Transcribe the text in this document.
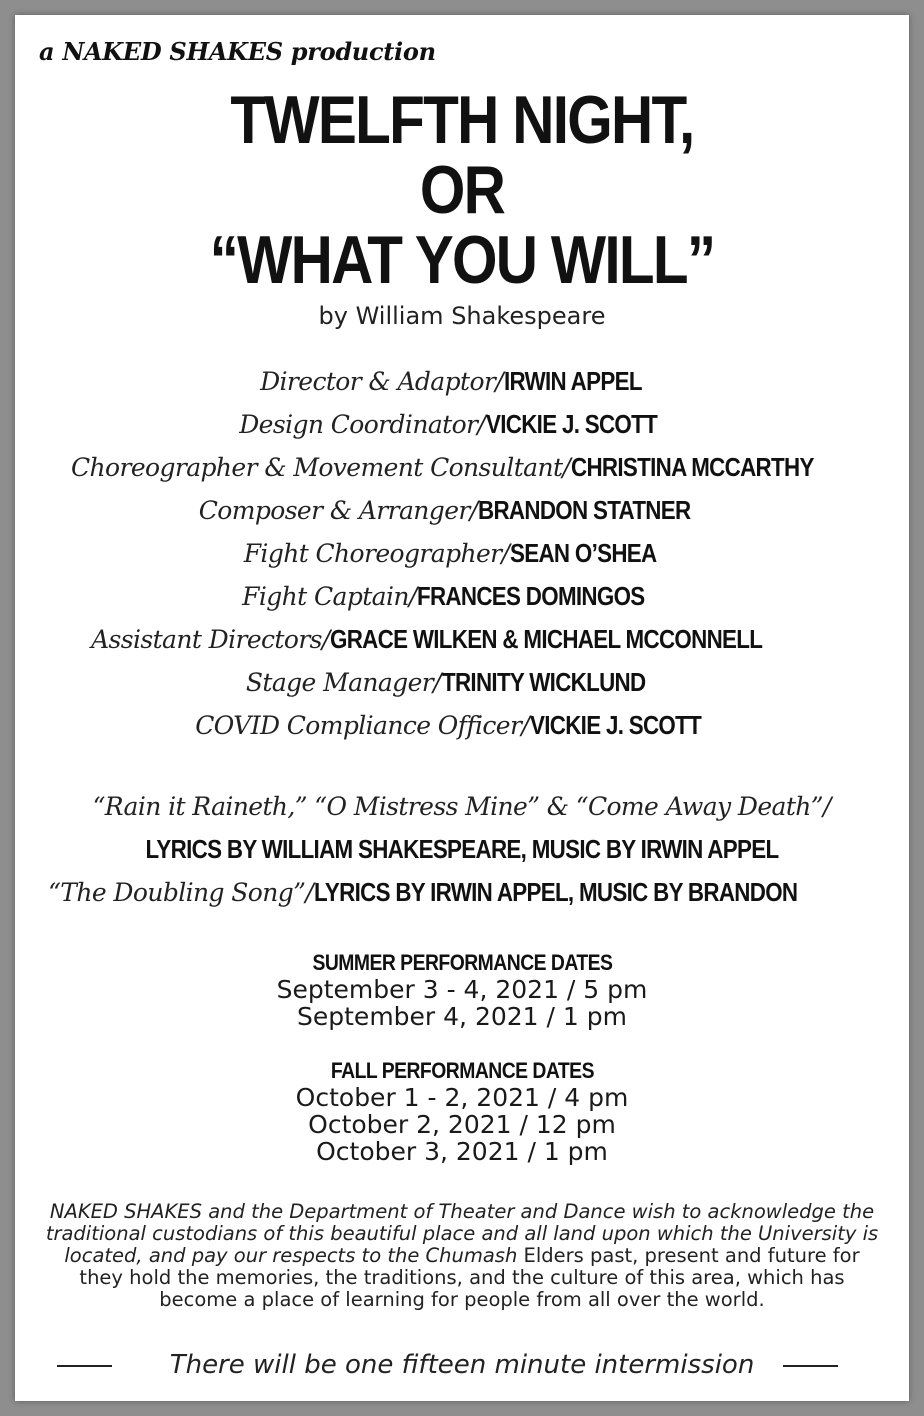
a NAKED SHAKES production
TWELFTH NIGHT,
OR
“WHAT YOU WILL”
by William Shakespeare
Director & Adaptor/IRWIN APPEL
Design Coordinator/VICKIE J. SCOTT
Choreographer & Movement Consultant/CHRISTINA MCCARTHY
Composer & Arranger/BRANDON STATNER
Fight Choreographer/SEAN O’SHEA
Fight Captain/FRANCES DOMINGOS
Assistant Directors/GRACE WILKEN & MICHAEL MCCONNELL
Stage Manager/TRINITY WICKLUND
COVID Compliance Officer/VICKIE J. SCOTT
“Rain it Raineth,” “O Mistress Mine” & “Come Away Death”/
LYRICS BY WILLIAM SHAKESPEARE, MUSIC BY IRWIN APPEL
“The Doubling Song”/LYRICS BY IRWIN APPEL, MUSIC BY BRANDON
SUMMER PERFORMANCE DATES
September 3 - 4, 2021 / 5 pm
September 4, 2021 / 1 pm
FALL PERFORMANCE DATES
October 1 - 2, 2021 / 4 pm
October 2, 2021 / 12 pm
October 3, 2021 / 1 pm
NAKED SHAKES and the Department of Theater and Dance wish to acknowledge the traditional custodians of this beautiful place and all land upon which the University is located, and pay our respects to the Chumash Elders past, present and future for they hold the memories, the traditions, and the culture of this area, which has become a place of learning for people from all over the world.
There will be one fifteen minute intermission
